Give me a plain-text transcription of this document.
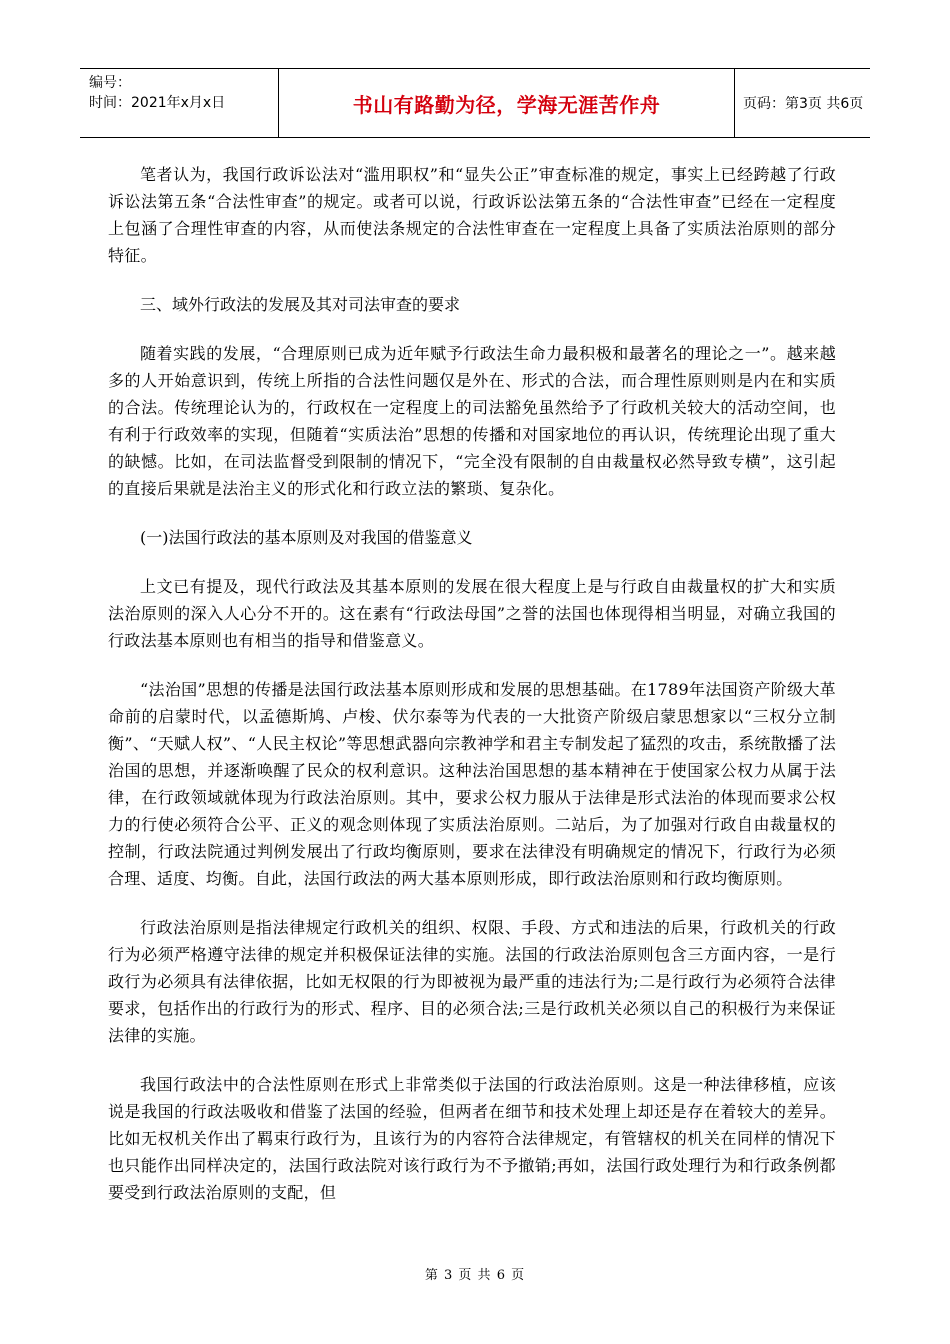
编号：
时间：2021年x月x日	书山有路勤为径，学海无涯苦作舟	页码：第3页 共6页

笔者认为，我国行政诉讼法对“滥用职权”和“显失公正”审查标准的规定，事实上已经跨越了行政诉讼法第五条“合法性审查”的规定。或者可以说，行政诉讼法第五条的“合法性审查”已经在一定程度上包涵了合理性审查的内容，从而使法条规定的合法性审查在一定程度上具备了实质法治原则的部分特征。

三、域外行政法的发展及其对司法审查的要求

随着实践的发展，“合理原则已成为近年赋予行政法生命力最积极和最著名的理论之一”。越来越多的人开始意识到，传统上所指的合法性问题仅是外在、形式的合法，而合理性原则则是内在和实质的合法。传统理论认为的，行政权在一定程度上的司法豁免虽然给予了行政机关较大的活动空间，也有利于行政效率的实现，但随着“实质法治”思想的传播和对国家地位的再认识，传统理论出现了重大的缺憾。比如，在司法监督受到限制的情况下，“完全没有限制的自由裁量权必然导致专横”，这引起的直接后果就是法治主义的形式化和行政立法的繁琐、复杂化。

(一)法国行政法的基本原则及对我国的借鉴意义

上文已有提及，现代行政法及其基本原则的发展在很大程度上是与行政自由裁量权的扩大和实质法治原则的深入人心分不开的。这在素有“行政法母国”之誉的法国也体现得相当明显，对确立我国的行政法基本原则也有相当的指导和借鉴意义。

“法治国”思想的传播是法国行政法基本原则形成和发展的思想基础。在1789年法国资产阶级大革命前的启蒙时代，以孟德斯鸠、卢梭、伏尔泰等为代表的一大批资产阶级启蒙思想家以“三权分立制衡”、“天赋人权”、“人民主权论”等思想武器向宗教神学和君主专制发起了猛烈的攻击，系统散播了法治国的思想，并逐渐唤醒了民众的权利意识。这种法治国思想的基本精神在于使国家公权力从属于法律，在行政领域就体现为行政法治原则。其中，要求公权力服从于法律是形式法治的体现而要求公权力的行使必须符合公平、正义的观念则体现了实质法治原则。二站后，为了加强对行政自由裁量权的控制，行政法院通过判例发展出了行政均衡原则，要求在法律没有明确规定的情况下，行政行为必须合理、适度、均衡。自此，法国行政法的两大基本原则形成，即行政法治原则和行政均衡原则。

行政法治原则是指法律规定行政机关的组织、权限、手段、方式和违法的后果，行政机关的行政行为必须严格遵守法律的规定并积极保证法律的实施。法国的行政法治原则包含三方面内容，一是行政行为必须具有法律依据，比如无权限的行为即被视为最严重的违法行为;二是行政行为必须符合法律要求，包括作出的行政行为的形式、程序、目的必须合法;三是行政机关必须以自己的积极行为来保证法律的实施。

我国行政法中的合法性原则在形式上非常类似于法国的行政法治原则。这是一种法律移植，应该说是我国的行政法吸收和借鉴了法国的经验，但两者在细节和技术处理上却还是存在着较大的差异。比如无权机关作出了羁束行政行为，且该行为的内容符合法律规定，有管辖权的机关在同样的情况下也只能作出同样决定的，法国行政法院对该行政行为不予撤销;再如，法国行政处理行为和行政条例都要受到行政法治原则的支配，但

第 3 页 共 6 页
